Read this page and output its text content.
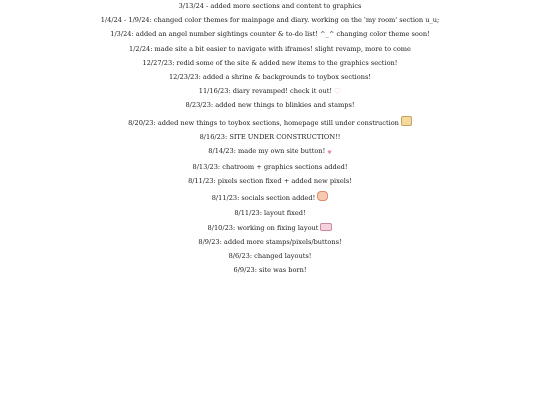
3/13/24 - added more sections and content to graphics
1/4/24 - 1/9/24: changed color themes for mainpage and diary. working on the 'my room' section u_u;
1/3/24: added an angel number sightings counter & to-do list! ^_^ changing color theme soon!
1/2/24: made site a bit easier to navigate with iframes! slight revamp, more to come
12/27/23: redid some of the site & added new items to the graphics section!
12/23/23: added a shrine & backgrounds to toybox sections!
11/16/23: diary revamped! check it out! ♡
8/23/23: added new things to blinkies and stamps!
8/20/23: added new things to toybox sections, homepage still under construction
8/16/23: SITE UNDER CONSTRUCTION!!
8/14/23: made my own site button! ♥
8/13/23: chatroom + graphics sections added!
8/11/23: pixels section fixed + added new pixels!
8/11/23: socials section added!
8/11/23: layout fixed!
8/10/23: working on fixing layout
8/9/23: added more stamps/pixels/buttons!
8/6/23: changed layouts!
6/9/23: site was born!
